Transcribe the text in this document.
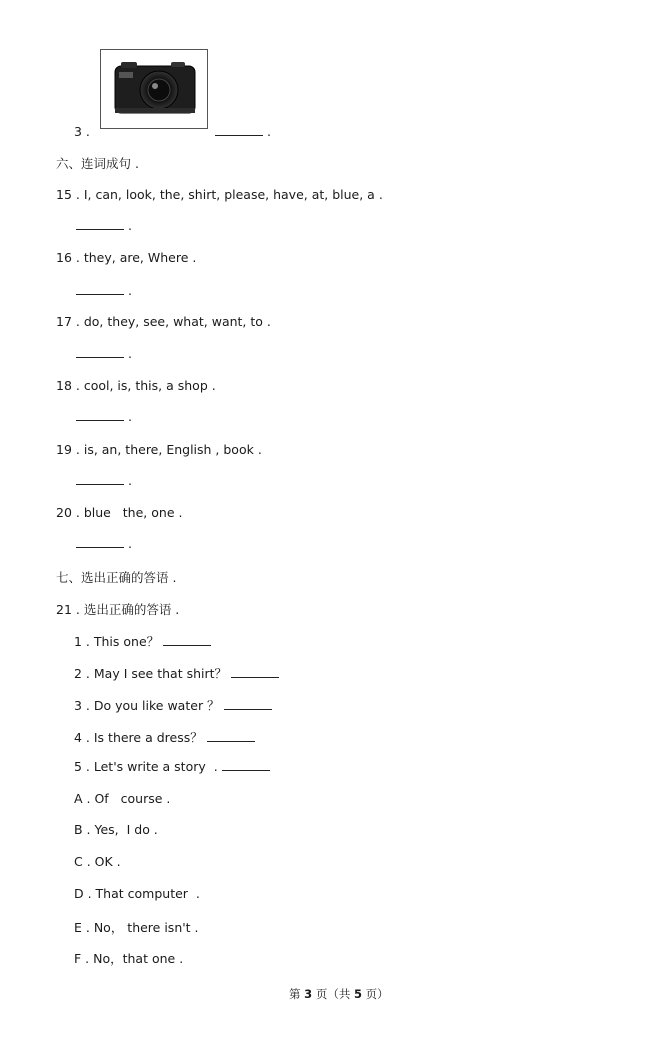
3 .	.
六、连词成句 .
15 . I, can, look, the, shirt, please, have, at, blue, a .
.
16 . they, are, Where .
.
17 . do, they, see, what, want, to .
.
18 . cool, is, this, a shop .
.
19 . is, an, there, English , book .
.
20 . blue   the, one .
.
七、选出正确的答语 .
21 . 选出正确的答语 .
1 . This one？
2 . May I see that shirt？
3 . Do you like water ？
4 . Is there a dress？
5 . Let's write a story  .
A . Of   course .
B . Yes,  I do .
C . OK .
D . That computer  .
E . No， there isn't .
F . No，that one .
第 3 页（共 5 页）
